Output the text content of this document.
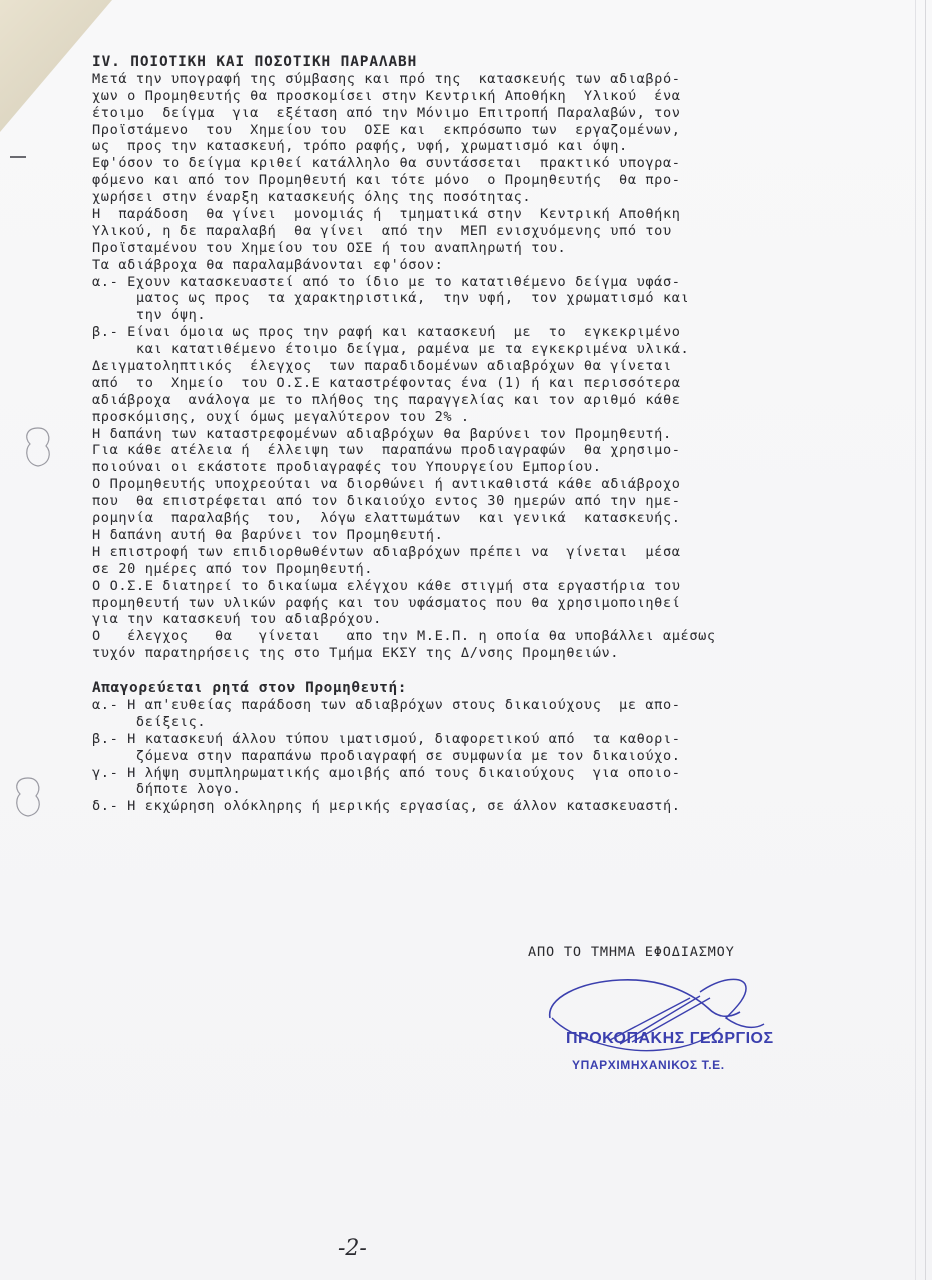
IV. ΠΟΙΟΤΙΚΗ ΚΑΙ ΠΟΣΟΤΙΚΗ ΠΑΡΑΛΑΒΗ
Μετά την υπογραφή της σύμβασης και πρό της  κατασκευής των αδιαβρό-
χων ο Προμηθευτής θα προσκομίσει στην Κεντρική Αποθήκη  Υλικού  ένα
έτοιμο  δείγμα  για  εξέταση από την Μόνιμο Επιτροπή Παραλαβών, τον
Προϊστάμενο  του  Χημείου του  ΟΣΕ και  εκπρόσωπο των  εργαζομένων,
ως  προς την κατασκευή, τρόπο ραφής, υφή, χρωματισμό και όψη.
Εφ'όσον το δείγμα κριθεί κατάλληλο θα συντάσσεται  πρακτικό υπογρα-
φόμενο και από τον Προμηθευτή και τότε μόνο  ο Προμηθευτής  θα προ-
χωρήσει στην έναρξη κατασκευής όλης της ποσότητας.
Η  παράδοση  θα γίνει  μονομιάς ή  τμηματικά στην  Κεντρική Αποθήκη
Υλικού, η δε παραλαβή  θα γίνει  από την  ΜΕΠ ενισχυόμενης υπό του
Προϊσταμένου του Χημείου του ΟΣΕ ή του αναπληρωτή του.
Τα αδιάβροχα θα παραλαμβάνονται εφ'όσον:
α.- Εχουν κατασκευαστεί από το ίδιο με το κατατιθέμενο δείγμα υφάσ-
ματος ως προς  τα χαρακτηριστικά,  την υφή,  τον χρωματισμό και
την όψη.
β.- Είναι όμοια ως προς την ραφή και κατασκευή  με  το  εγκεκριμένο
και κατατιθέμενο έτοιμο δείγμα, ραμένα με τα εγκεκριμένα υλικά.
Δειγματοληπτικός  έλεγχος  των παραδιδομένων αδιαβρόχων θα γίνεται
από  το  Χημείο  του Ο.Σ.Ε καταστρέφοντας ένα (1) ή και περισσότερα
αδιάβροχα  ανάλογα με το πλήθος της παραγγελίας και τον αριθμό κάθε
προσκόμισης, ουχί όμως μεγαλύτερον του 2% .
Η δαπάνη των καταστρεφομένων αδιαβρόχων θα βαρύνει τον Προμηθευτή.
Για κάθε ατέλεια ή  έλλειψη των  παραπάνω προδιαγραφών  θα χρησιμο-
ποιούναι οι εκάστοτε προδιαγραφές του Υπουργείου Εμπορίου.
Ο Προμηθευτής υποχρεούται να διορθώνει ή αντικαθιστά κάθε αδιάβροχο
που  θα επιστρέφεται από τον δικαιούχο εντος 30 ημερών από την ημε-
ρομηνία  παραλαβής  του,  λόγω ελαττωμάτων  και γενικά  κατασκευής.
Η δαπάνη αυτή θα βαρύνει τον Προμηθευτή.
Η επιστροφή των επιδιορθωθέντων αδιαβρόχων πρέπει να  γίνεται  μέσα
σε 20 ημέρες από τον Προμηθευτή.
Ο Ο.Σ.Ε διατηρεί το δικαίωμα ελέγχου κάθε στιγμή στα εργαστήρια του
προμηθευτή των υλικών ραφής και του υφάσματος που θα χρησιμοποιηθεί
για την κατασκευή του αδιαβρόχου.
Ο   έλεγχος   θα   γίνεται   απο την Μ.Ε.Π. η οποία θα υποβάλλει αμέσως
τυχόν παρατηρήσεις της στο Τμήμα ΕΚΣΥ της Δ/νσης Προμηθειών.
Απαγορεύεται ρητά στον Προμηθευτή:
α.- Η απ'ευθείας παράδοση των αδιαβρόχων στους δικαιούχους  με απο-
δείξεις.
β.- Η κατασκευή άλλου τύπου ιματισμού, διαφορετικού από  τα καθορι-
ζόμενα στην παραπάνω προδιαγραφή σε συμφωνία με τον δικαιούχο.
γ.- Η λήψη συμπληρωματικής αμοιβής από τους δικαιούχους  για οποιο-
δήποτε λογο.
δ.- Η εκχώρηση ολόκληρης ή μερικής εργασίας, σε άλλον κατασκευαστή.
ΑΠΟ ΤΟ ΤΜΗΜΑ ΕΦΟΔΙΑΣΜΟΥ
ΠΡΟΚΟΠΑΚΗΣ ΓΕΩΡΓΙΟΣ
ΥΠΑΡΧΙΜΗΧΑΝΙΚΟΣ Τ.Ε.
-2-
